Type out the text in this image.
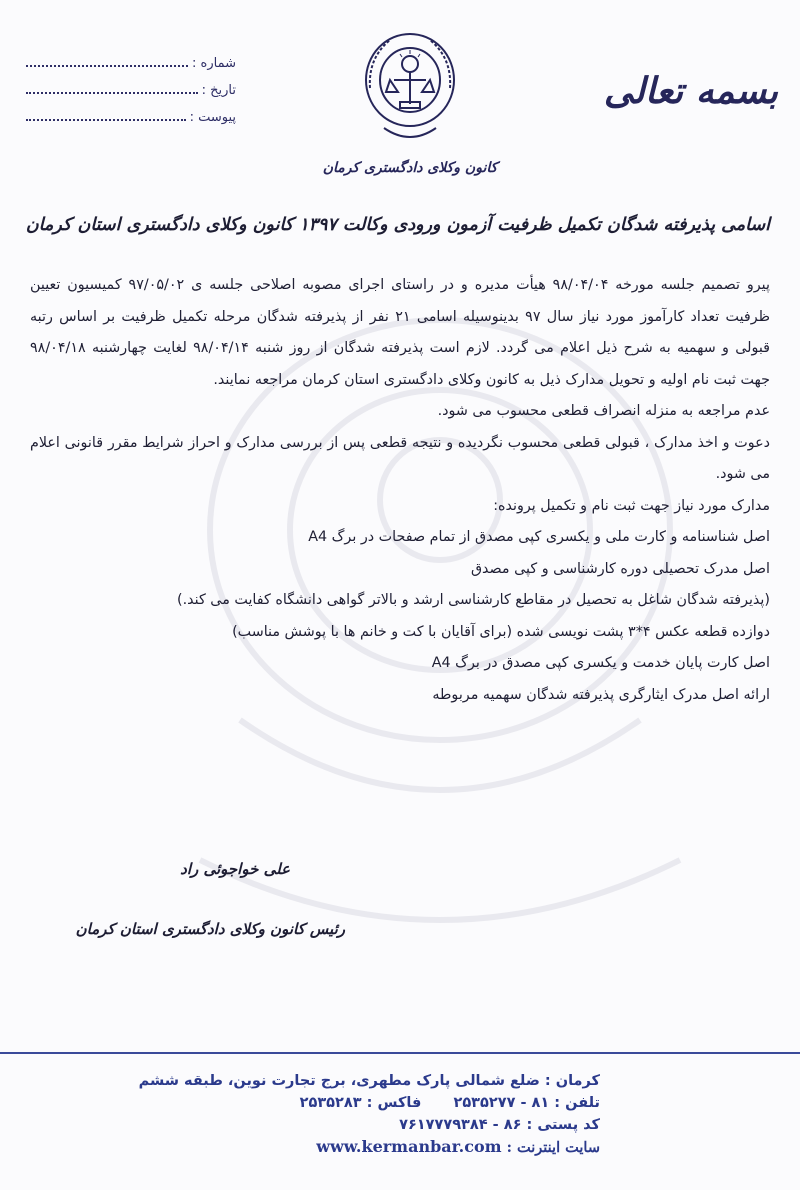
بسمه تعالی
کانون وکلای دادگستری کرمان
شماره :
تاریخ :
پیوست :
اسامی پذیرفته شدگان تکمیل ظرفیت آزمون ورودی وکالت ۱۳۹۷ کانون وکلای دادگستری استان کرمان

پیرو تصمیم جلسه مورخه ۹۸/۰۴/۰۴ هیأت مدیره و در راستای اجرای مصوبه اصلاحی جلسه ی ۹۷/۰۵/۰۲ کمیسیون تعیین ظرفیت تعداد کارآموز مورد نیاز سال ۹۷ بدینوسیله اسامی ۲۱ نفر از پذیرفته شدگان مرحله تکمیل ظرفیت بر اساس رتبه قبولی و سهمیه به شرح ذیل اعلام می گردد. لازم است پذیرفته شدگان از روز شنبه ۹۸/۰۴/۱۴ لغایت چهارشنبه ۹۸/۰۴/۱۸ جهت ثبت نام اولیه و تحویل مدارک ذیل به کانون وکلای دادگستری استان کرمان مراجعه نمایند.

عدم مراجعه به منزله انصراف قطعی محسوب می شود.

دعوت و اخذ مدارک ، قبولی قطعی محسوب نگردیده و نتیجه قطعی پس از بررسی مدارک و احراز شرایط مقرر قانونی اعلام می شود.

مدارک مورد نیاز جهت ثبت نام و تکمیل پرونده:

اصل شناسنامه و کارت ملی و یکسری کپی مصدق از تمام صفحات در برگ A4

اصل مدرک تحصیلی دوره کارشناسی و کپی مصدق

(پذیرفته شدگان شاغل به تحصیل در مقاطع کارشناسی ارشد و بالاتر گواهی دانشگاه کفایت می کند.)

دوازده قطعه عکس ۴*۳ پشت نویسی شده (برای آقایان با کت و خانم ها با پوشش مناسب)

اصل کارت پایان خدمت و یکسری کپی مصدق در برگ A4

ارائه اصل مدرک ایثارگری پذیرفته شدگان سهمیه مربوطه

علی خواجوئی راد
رئیس کانون وکلای دادگستری استان کرمان
کرمان : ضلع شمالی پارک مطهری، برج تجارت نوین، طبقه ششم
تلفن : ۸۱ - ۲۵۳۵۲۷۷  فاکس : ۲۵۳۵۲۸۳
کد پستی : ۸۶ - ۷۶۱۷۷۷۹۳۸۴
سایت اینترنت : www.kermanbar.com
